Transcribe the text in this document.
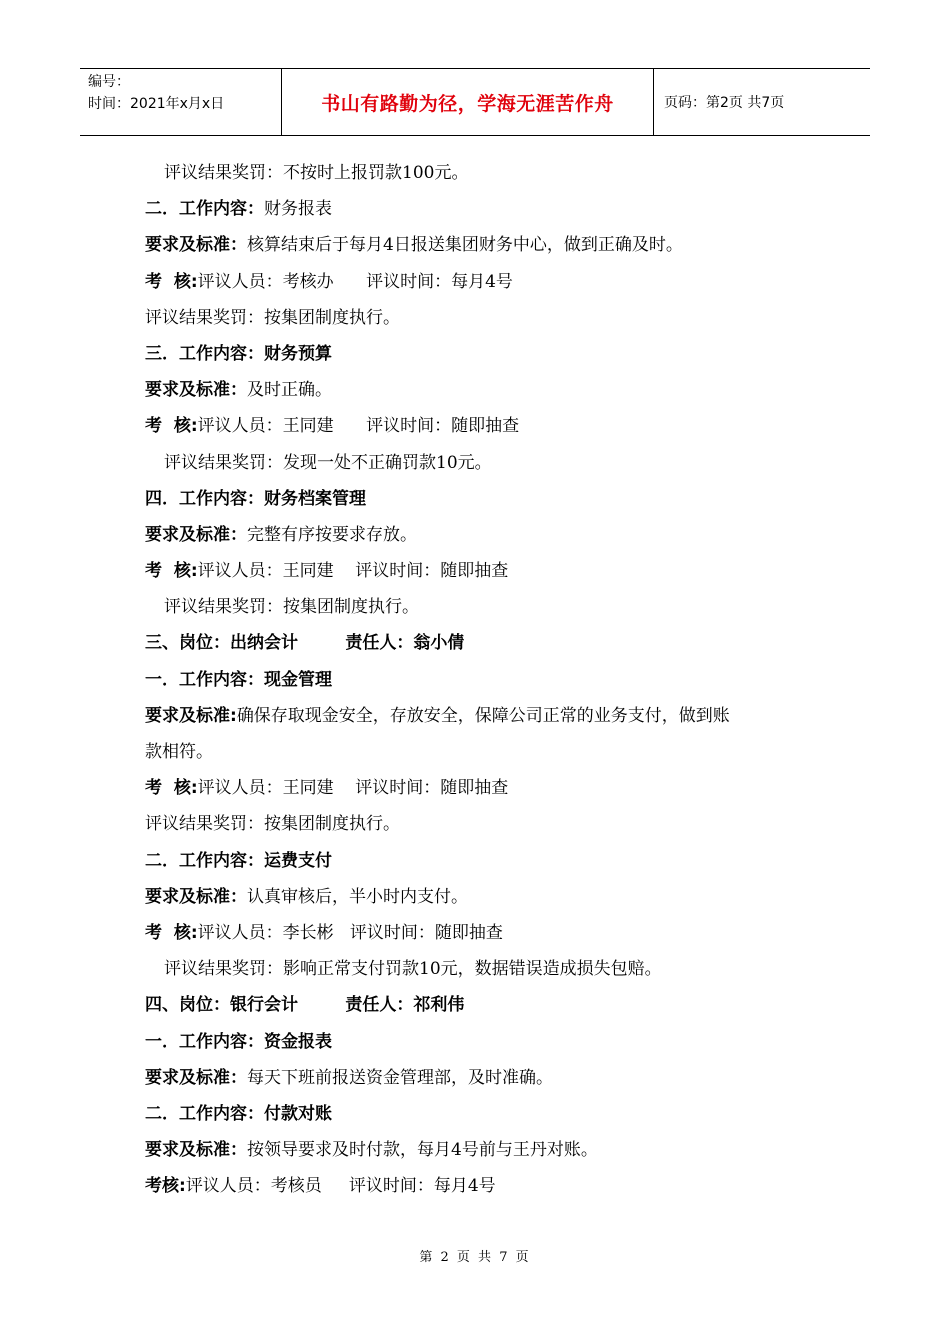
编号：
时间：2021年x月x日	书山有路勤为径，学海无涯苦作舟	页码：第2页 共7页
评议结果奖罚：不按时上报罚款100元。
二．工作内容：财务报表
要求及标准：核算结束后于每月4日报送集团财务中心，做到正确及时。
考  核:评议人员：考核办      评议时间：每月4号
评议结果奖罚：按集团制度执行。
三．工作内容：财务预算
要求及标准：及时正确。
考  核:评议人员：王同建      评议时间：随即抽查
评议结果奖罚：发现一处不正确罚款10元。
四．工作内容：财务档案管理
要求及标准：完整有序按要求存放。
考  核:评议人员：王同建    评议时间：随即抽查
评议结果奖罚：按集团制度执行。
三、岗位：出纳会计        责任人：翁小倩
一．工作内容：现金管理
要求及标准:确保存取现金安全，存放安全，保障公司正常的业务支付，做到账
款相符。
考  核:评议人员：王同建    评议时间：随即抽查
评议结果奖罚：按集团制度执行。
二．工作内容：运费支付
要求及标准：认真审核后，半小时内支付。
考  核:评议人员：李长彬   评议时间：随即抽查
评议结果奖罚：影响正常支付罚款10元，数据错误造成损失包赔。
四、岗位：银行会计        责任人：祁利伟
一．工作内容：资金报表
要求及标准：每天下班前报送资金管理部，及时准确。
二．工作内容：付款对账
要求及标准：按领导要求及时付款，每月4号前与王丹对账。
考核:评议人员：考核员     评议时间：每月4号
第 2 页 共 7 页
